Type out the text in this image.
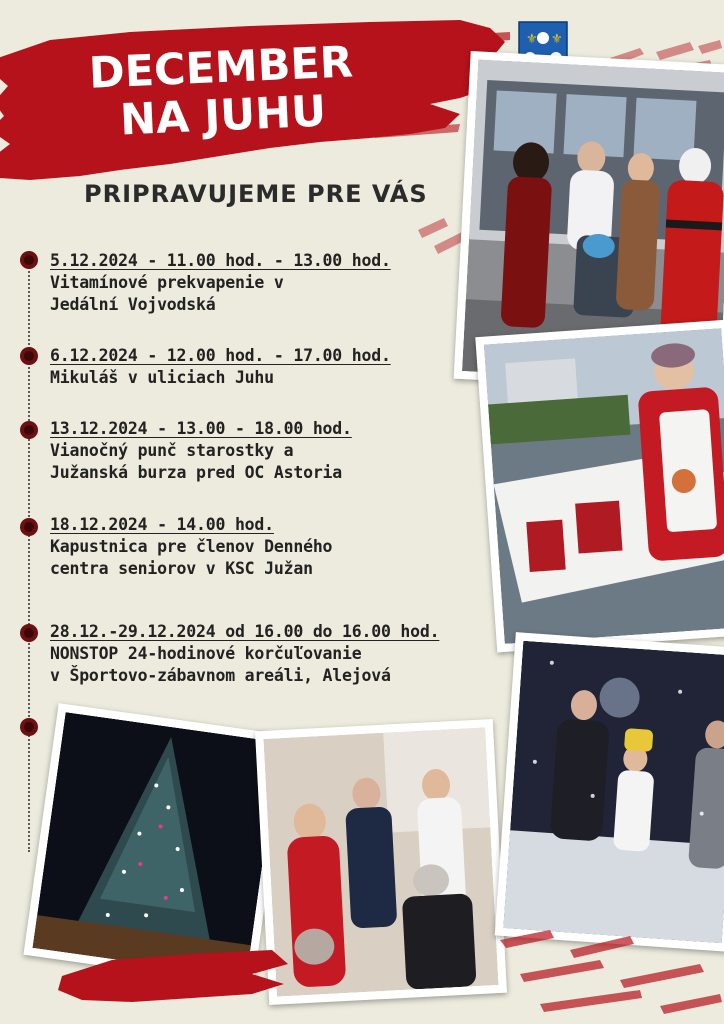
DECEMBER
NA JUHU
PRIPRAVUJEME PRE VÁS
⚜ ⚜
5.12.2024 - 11.00 hod. - 13.00 hod.
Vitamínové prekvapenie v
Jedální Vojvodská
6.12.2024 - 12.00 hod. - 17.00 hod.
Mikuláš v uliciach Juhu
13.12.2024 - 13.00 - 18.00 hod.
Vianočný punč starostky a
Južanská burza pred OC Astoria
18.12.2024 - 14.00 hod.
Kapustnica pre členov Denného
centra seniorov v KSC Južan
28.12.-29.12.2024 od 16.00 do 16.00 hod.
NONSTOP 24-hodinové korčuľovanie
v Športovo-zábavnom areáli, Alejová
